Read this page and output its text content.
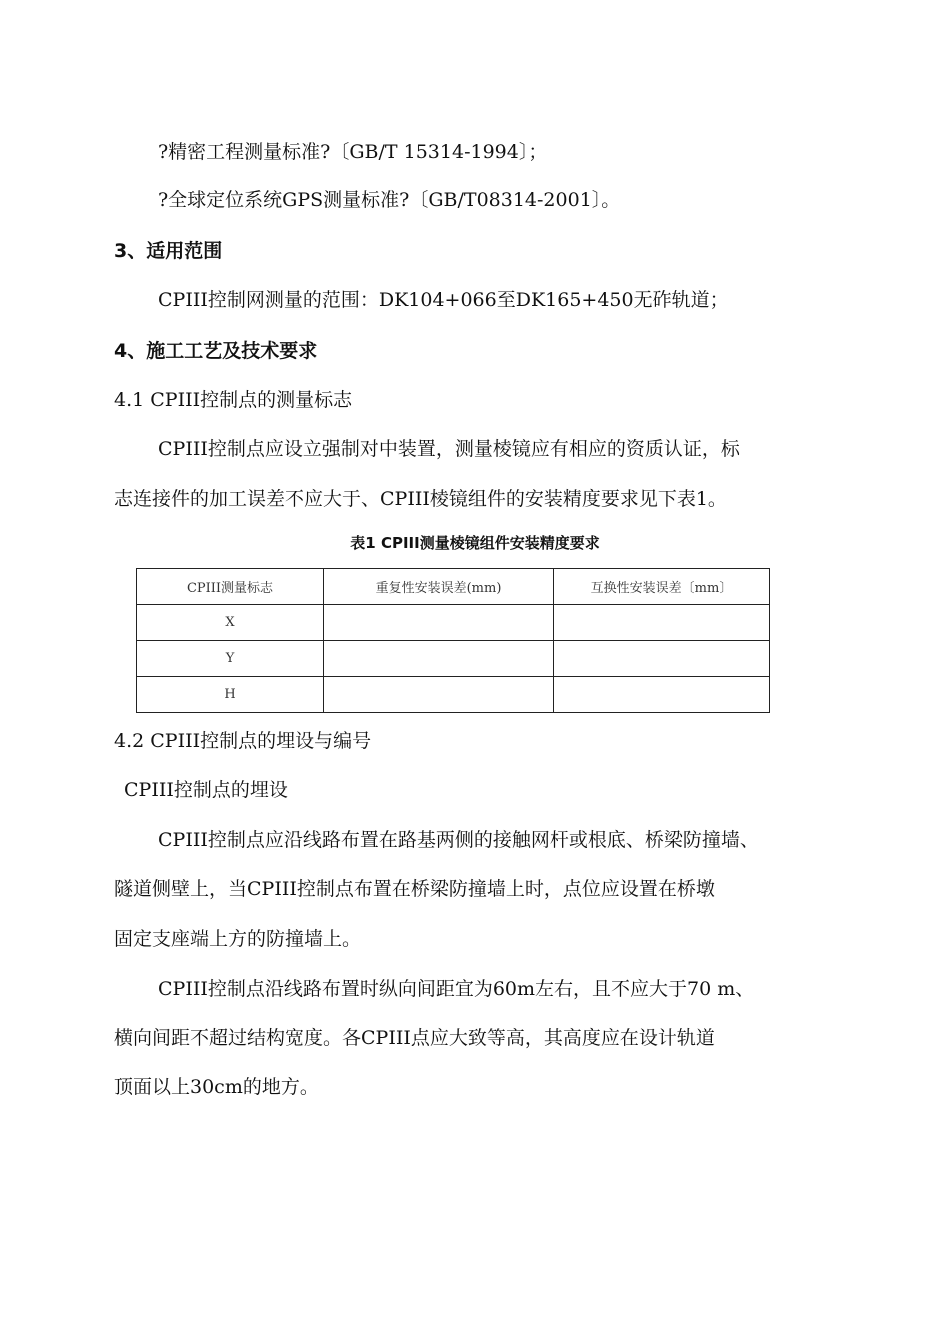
?精密工程测量标准?〔GB/T 15314-1994〕；
?全球定位系统GPS测量标准?〔GB/T08314-2001〕。
3、适用范围
CPIII控制网测量的范围：DK104+066至DK165+450无砟轨道；
4、施工工艺及技术要求
4.1 CPIII控制点的测量标志
CPIII控制点应设立强制对中装置，测量棱镜应有相应的资质认证，标
志连接件的加工误差不应大于、CPIII棱镜组件的安装精度要求见下表1。
表1 CPIII测量棱镜组件安装精度要求
CPIII测量标志	重复性安装误差(mm)	互换性安装误差〔mm〕
X		
Y		
H		
4.2 CPIII控制点的埋设与编号
CPIII控制点的埋设
CPIII控制点应沿线路布置在路基两侧的接触网杆或根底、桥梁防撞墙、
隧道侧壁上，当CPIII控制点布置在桥梁防撞墙上时，点位应设置在桥墩
固定支座端上方的防撞墙上。
CPIII控制点沿线路布置时纵向间距宜为60m左右，且不应大于70 m、
横向间距不超过结构宽度。各CPIII点应大致等高，其高度应在设计轨道
顶面以上30cm的地方。
